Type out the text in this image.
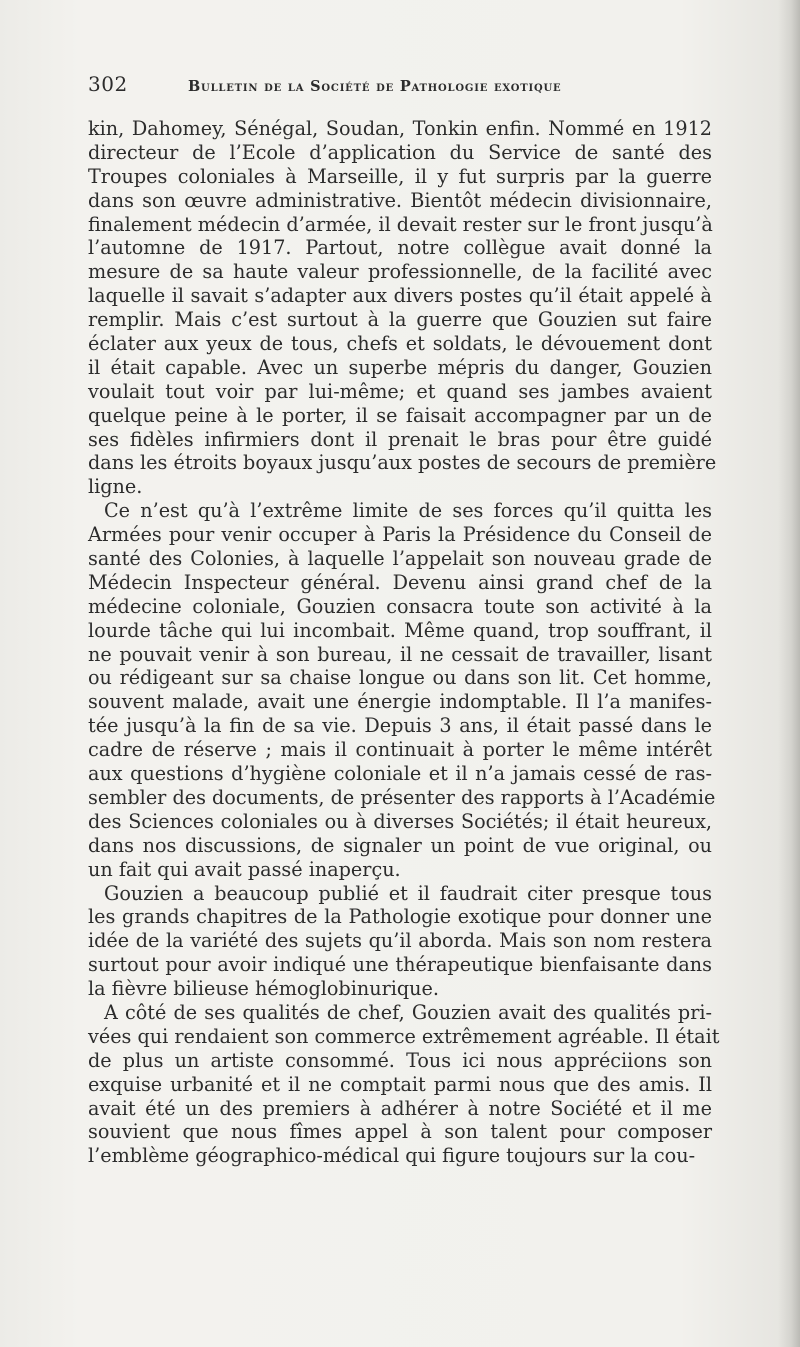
302	Bulletin de la Société de Pathologie exotique
kin, Dahomey, Sénégal, Soudan, Tonkin enfin. Nommé en 1912
directeur de l’Ecole d’application du Service de santé des
Troupes coloniales à Marseille, il y fut surpris par la guerre
dans son œuvre administrative. Bientôt médecin divisionnaire,
finalement médecin d’armée, il devait rester sur le front jusqu’à
l’automne de 1917. Partout, notre collègue avait donné la
mesure de sa haute valeur professionnelle, de la facilité avec
laquelle il savait s’adapter aux divers postes qu’il était appelé à
remplir. Mais c’est surtout à la guerre que Gouzien sut faire
éclater aux yeux de tous, chefs et soldats, le dévouement dont
il était capable. Avec un superbe mépris du danger, Gouzien
voulait tout voir par lui-même; et quand ses jambes avaient
quelque peine à le porter, il se faisait accompagner par un de
ses fidèles infirmiers dont il prenait le bras pour être guidé
dans les étroits boyaux jusqu’aux postes de secours de première
ligne.
Ce n’est qu’à l’extrême limite de ses forces qu’il quitta les
Armées pour venir occuper à Paris la Présidence du Conseil de
santé des Colonies, à laquelle l’appelait son nouveau grade de
Médecin Inspecteur général. Devenu ainsi grand chef de la
médecine coloniale, Gouzien consacra toute son activité à la
lourde tâche qui lui incombait. Même quand, trop souffrant, il
ne pouvait venir à son bureau, il ne cessait de travailler, lisant
ou rédigeant sur sa chaise longue ou dans son lit. Cet homme,
souvent malade, avait une énergie indomptable. Il l’a manifes-
tée jusqu’à la fin de sa vie. Depuis 3 ans, il était passé dans le
cadre de réserve ; mais il continuait à porter le même intérêt
aux questions d’hygiène coloniale et il n’a jamais cessé de ras-
sembler des documents, de présenter des rapports à l’Académie
des Sciences coloniales ou à diverses Sociétés; il était heureux,
dans nos discussions, de signaler un point de vue original, ou
un fait qui avait passé inaperçu.
Gouzien a beaucoup publié et il faudrait citer presque tous
les grands chapitres de la Pathologie exotique pour donner une
idée de la variété des sujets qu’il aborda. Mais son nom restera
surtout pour avoir indiqué une thérapeutique bienfaisante dans
la fièvre bilieuse hémoglobinurique.
A côté de ses qualités de chef, Gouzien avait des qualités pri-
vées qui rendaient son commerce extrêmement agréable. Il était
de plus un artiste consommé. Tous ici nous appréciions son
exquise urbanité et il ne comptait parmi nous que des amis. Il
avait été un des premiers à adhérer à notre Société et il me
souvient que nous fîmes appel à son talent pour composer
l’emblème géographico-médical qui figure toujours sur la cou-
